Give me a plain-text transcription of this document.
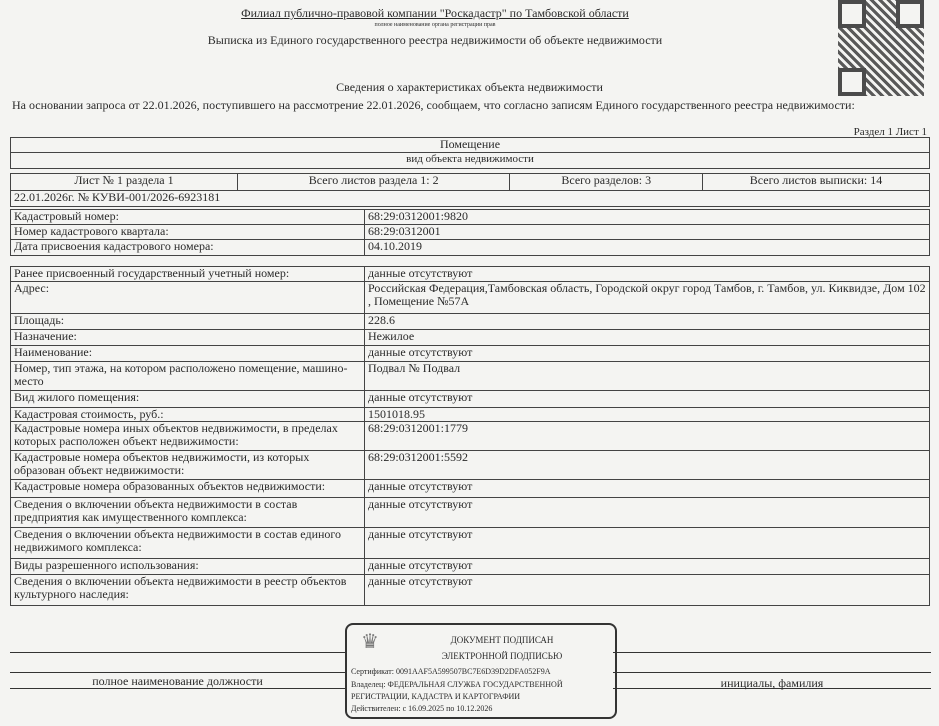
Филиал публично-правовой компании "Роскадастр" по Тамбовской области
полное наименование органа регистрации прав
Выписка из Единого государственного реестра недвижимости об объекте недвижимости
Сведения о характеристиках объекта недвижимости
На основании запроса от 22.01.2026, поступившего на рассмотрение 22.01.2026, сообщаем, что согласно записям Единого государственного реестра недвижимости:
Раздел 1 Лист 1
Помещение
вид объекта недвижимости
Лист № 1 раздела 1	Всего листов раздела 1: 2	Всего разделов: 3	Всего листов выписки: 14
22.01.2026г. № КУВИ-001/2026-6923181
Кадастровый номер:	68:29:0312001:9820
Номер кадастрового квартала:	68:29:0312001
Дата присвоения кадастрового номера:	04.10.2019
Ранее присвоенный государственный учетный номер:	данные отсутствуют
Адрес:	Российская Федерация,Тамбовская область, Городской округ город Тамбов, г. Тамбов, ул. Киквидзе, Дом 102 , Помещение №57А
Площадь:	228.6
Назначение:	Нежилое
Наименование:	данные отсутствуют
Номер, тип этажа, на котором расположено помещение, машино-место	Подвал № Подвал
Вид жилого помещения:	данные отсутствуют
Кадастровая стоимость, руб.:	1501018.95
Кадастровые номера иных объектов недвижимости, в пределах которых расположен объект недвижимости:	68:29:0312001:1779
Кадастровые номера объектов недвижимости, из которых образован объект недвижимости:	68:29:0312001:5592
Кадастровые номера образованных объектов недвижимости:	данные отсутствуют
Сведения о включении объекта недвижимости в состав предприятия как имущественного комплекса:	данные отсутствуют
Сведения о включении объекта недвижимости в состав единого недвижимого комплекса:	данные отсутствуют
Виды разрешенного использования:	данные отсутствуют
Сведения о включении объекта недвижимости в реестр объектов культурного наследия:	данные отсутствуют
полное наименование должности	инициалы, фамилия
♛	ДОКУМЕНТ ПОДПИСАН
ЭЛЕКТРОННОЙ ПОДПИСЬЮ
Сертификат: 0091AAF5A599507BC7E6D39D2DFA052F9A
Владелец: ФЕДЕРАЛЬНАЯ СЛУЖБА ГОСУДАРСТВЕННОЙ
РЕГИСТРАЦИИ, КАДАСТРА И КАРТОГРАФИИ
Действителен: с 16.09.2025 по 10.12.2026
